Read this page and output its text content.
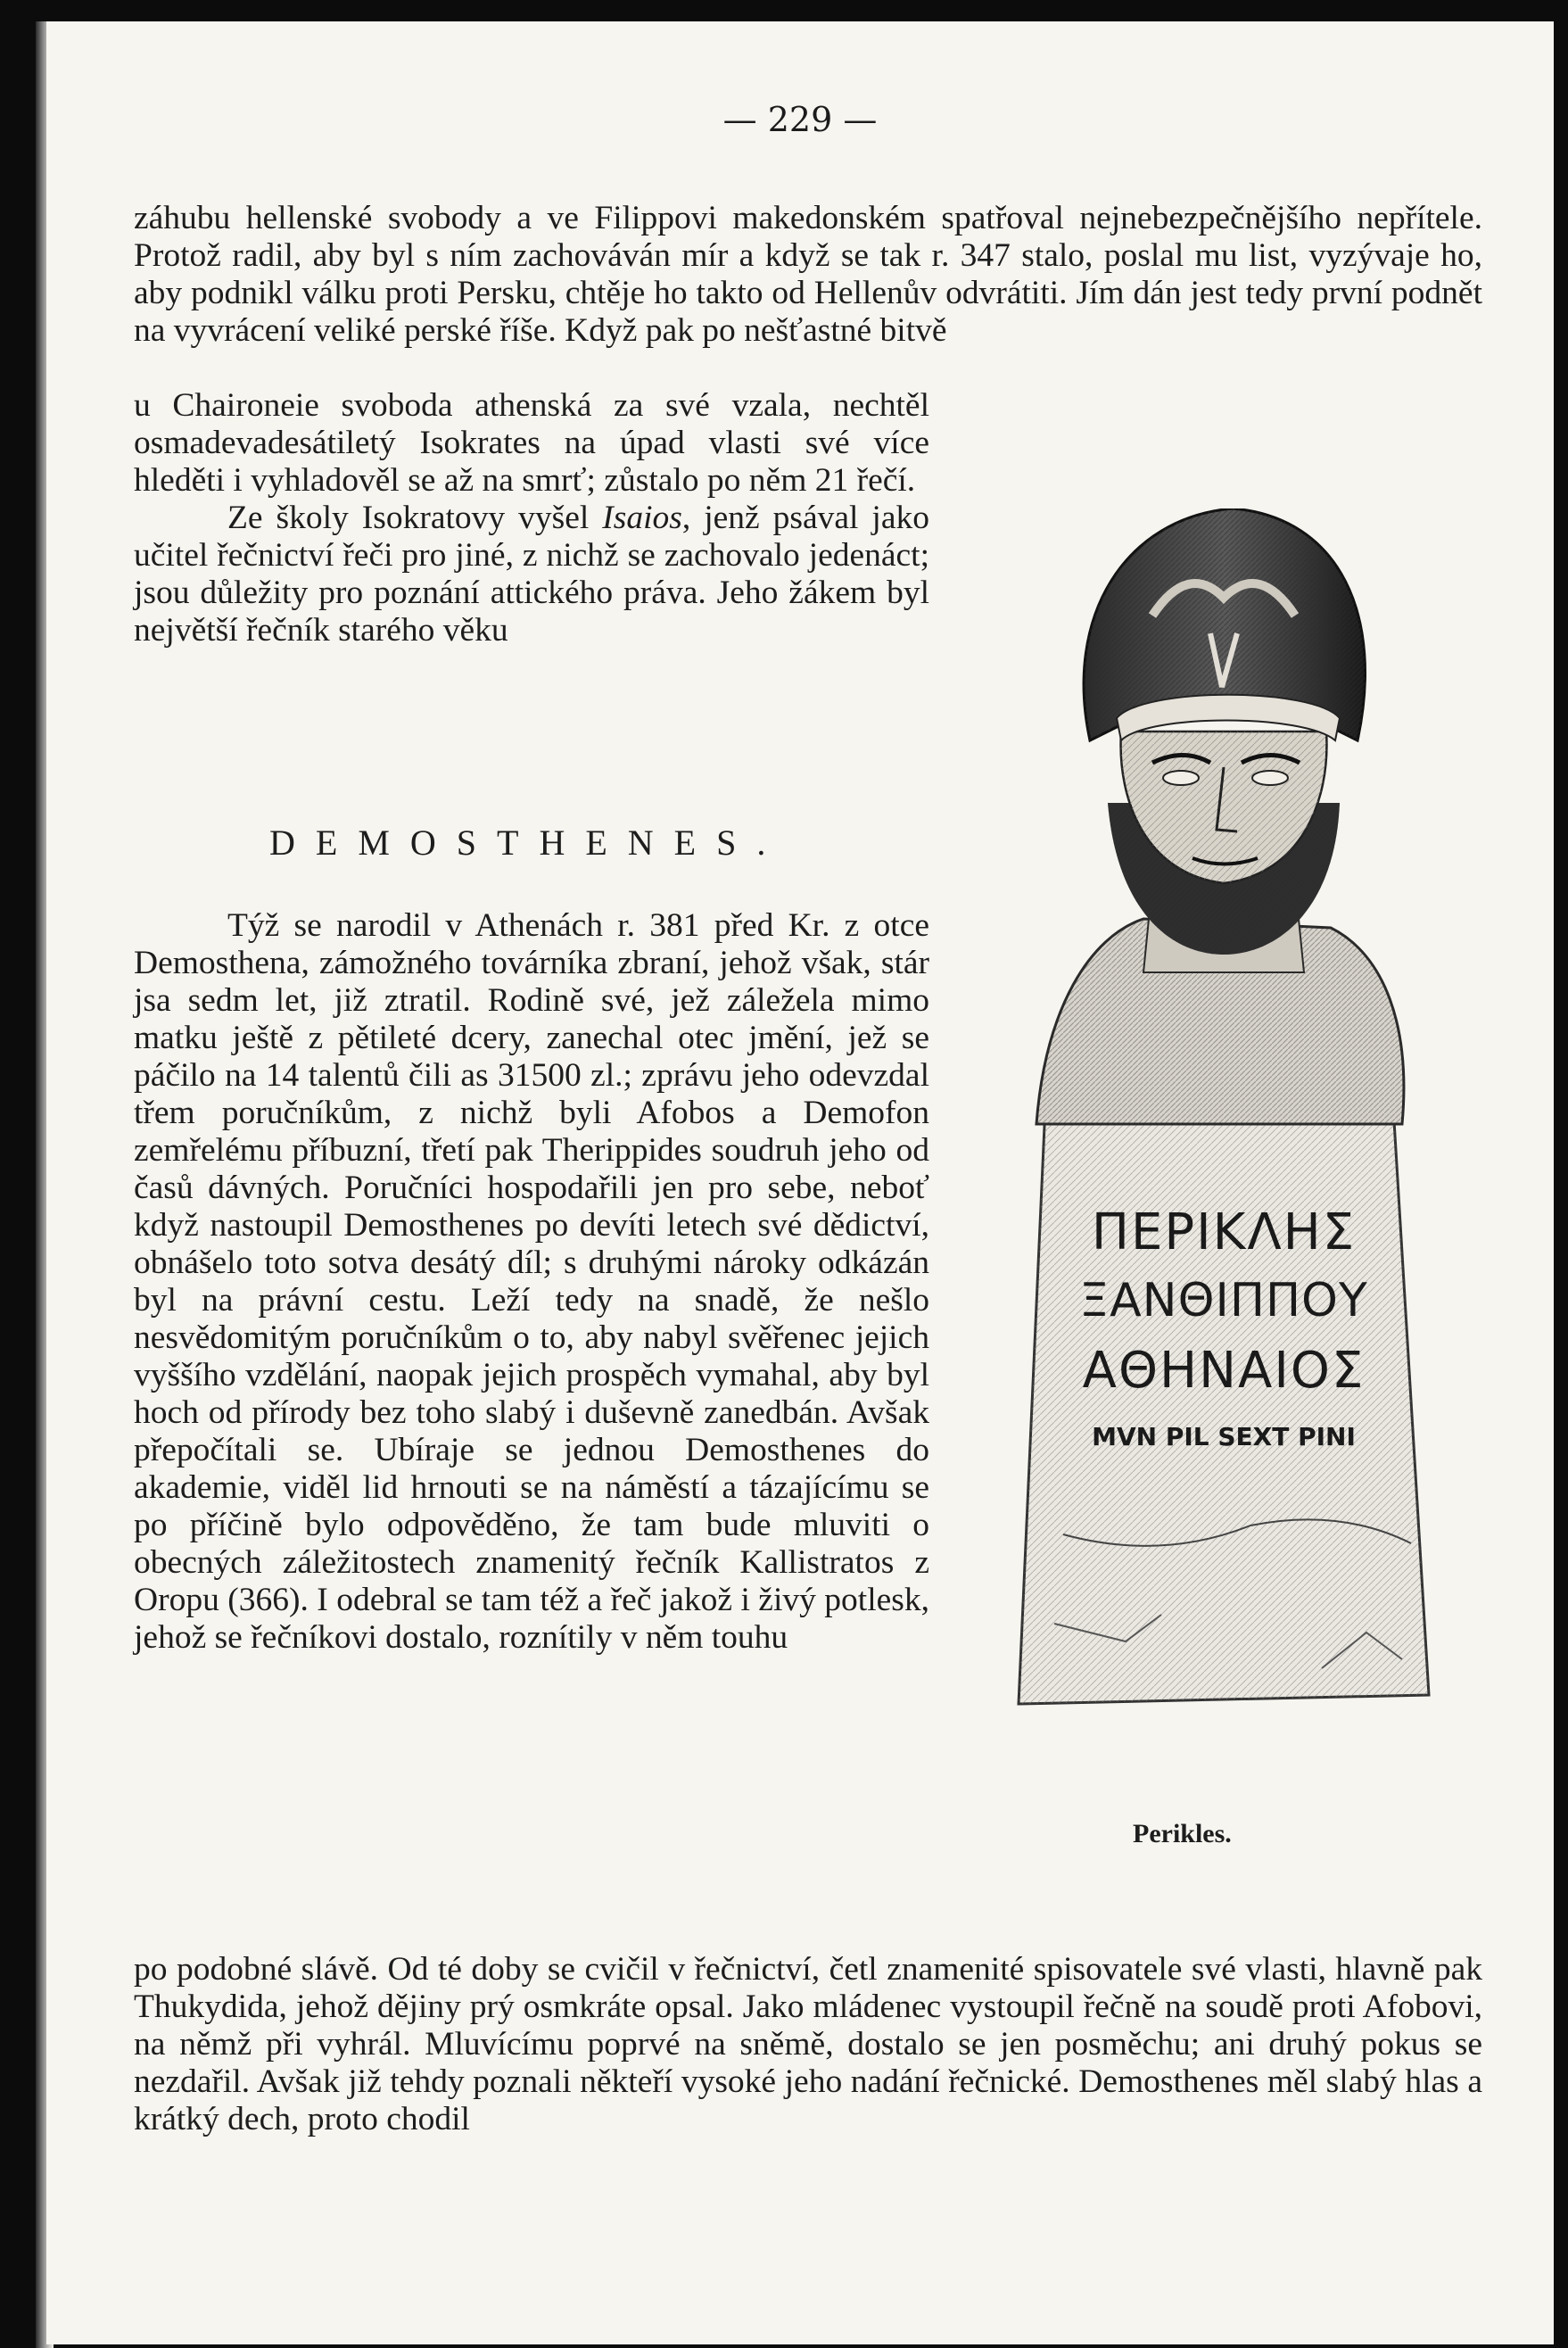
— 229 —

záhubu hellenské svobody a ve Filippovi makedonském spatřoval nejnebezpečnějšího nepřítele. Protož radil, aby byl s ním zachováván mír a když se tak r. 347 stalo, poslal mu list, vyzývaje ho, aby podnikl válku proti Persku, chtěje ho takto od Hellenův odvrátiti. Jím dán jest tedy první podnět na vyvrácení veliké perské říše. Když pak po nešťastné bitvě

u Chaironeie svoboda athenská za své vzala, nechtěl osmadevadesátiletý Isokrates na úpad vlasti své více hleděti i vyhladověl se až na smrť; zůstalo po něm 21 řečí.

Ze školy Isokratovy vyšel Isaios, jenž psával jako učitel řečnictví řeči pro jiné, z nichž se zachovalo jedenáct; jsou důležity pro poznání attického práva. Jeho žákem byl největší řečník starého věku

DEMOSTHENES.

Týž se narodil v Athenách r. 381 před Kr. z otce Demosthena, zámožného továrníka zbraní, jehož však, stár jsa sedm let, již ztratil. Rodině své, jež záležela mimo matku ještě z pětileté dcery, zanechal otec jmění, jež se páčilo na 14 talentů čili as 31500 zl.; zprávu jeho odevzdal třem poručníkům, z nichž byli Afobos a Demofon zemřelému příbuzní, třetí pak Therippides soudruh jeho od časů dávných. Poručníci hospodařili jen pro sebe, neboť když nastoupil Demosthenes po devíti letech své dědictví, obnášelo toto sotva desátý díl; s druhými nároky odkázán byl na právní cestu. Leží tedy na snadě, že nešlo nesvědomitým poručníkům o to, aby nabyl svěřenec jejich vyššího vzdělání, naopak jejich prospěch vymahal, aby byl hoch od přírody bez toho slabý i duševně zanedbán. Avšak přepočítali se. Ubíraje se jednou Demosthenes do akademie, viděl lid hrnouti se na náměstí a tázajícímu se po příčině bylo odpověděno, že tam bude mluviti o obecných záležitostech znamenitý řečník Kallistratos z Oropu (366). I odebral se tam též a řeč jakož i živý potlesk, jehož se řečníkovi dostalo, roznítily v něm touhu

po podobné slávě. Od té doby se cvičil v řečnictví, četl znamenité spisovatele své vlasti, hlavně pak Thukydida, jehož dějiny prý osmkráte opsal. Jako mládenec vystoupil řečně na soudě proti Afobovi, na němž při vyhrál. Mluvícímu poprvé na sněmě, dostalo se jen posměchu; ani druhý pokus se nezdařil. Avšak již tehdy poznali někteří vysoké jeho nadání řečnické. Demosthenes měl slabý hlas a krátký dech, proto chodil

ΠΕΡΙΚΛΗΣ
ΞΑΝΘΙΠΠΟΥ
ΑΘΗΝΑΙΟΣ
MVN PIL SEXT PINI
Perikles.
